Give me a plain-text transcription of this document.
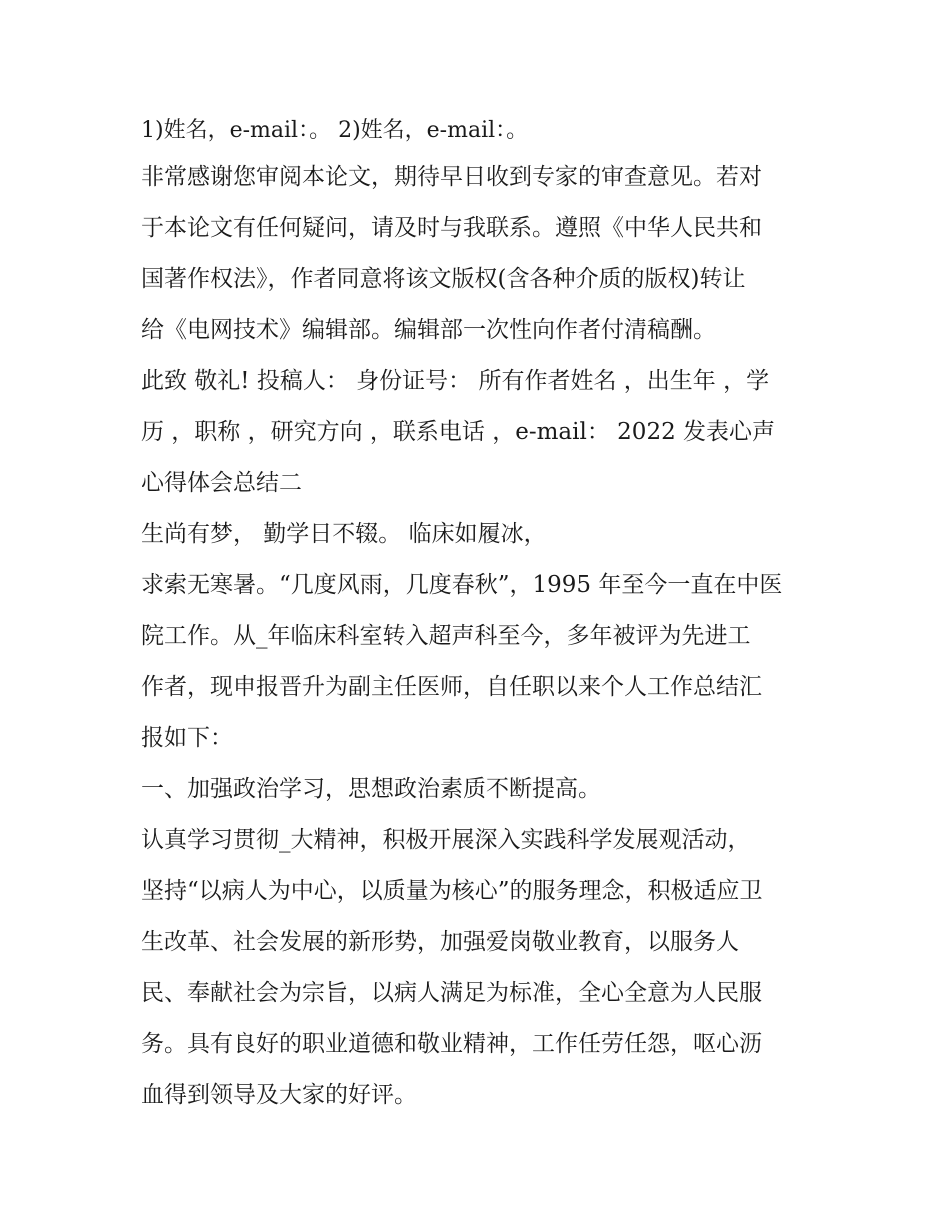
1)姓名，e-mail：。 2)姓名，e-mail：。
非常感谢您审阅本论文，期待早日收到专家的审查意见。若对
于本论文有任何疑问，请及时与我联系。遵照《中华人民共和
国著作权法》，作者同意将该文版权(含各种介质的版权)转让
给《电网技术》编辑部。编辑部一次性向作者付清稿酬。
此致 敬礼! 投稿人： 身份证号： 所有作者姓名 ，出生年 ，学
历 ，职称 ，研究方向 ，联系电话 ，e-mail： 2022 发表心声
心得体会总结二
生尚有梦， 勤学日不辍。 临床如履冰，
求索无寒暑。“几度风雨，几度春秋”，1995 年至今一直在中医
院工作。从_年临床科室转入超声科至今，多年被评为先进工
作者，现申报晋升为副主任医师，自任职以来个人工作总结汇
报如下：
一、加强政治学习，思想政治素质不断提高。
认真学习贯彻_大精神，积极开展深入实践科学发展观活动，
坚持“以病人为中心，以质量为核心”的服务理念，积极适应卫
生改革、社会发展的新形势，加强爱岗敬业教育，以服务人
民、奉献社会为宗旨，以病人满足为标准，全心全意为人民服
务。具有良好的职业道德和敬业精神，工作任劳任怨，呕心沥
血得到领导及大家的好评。
